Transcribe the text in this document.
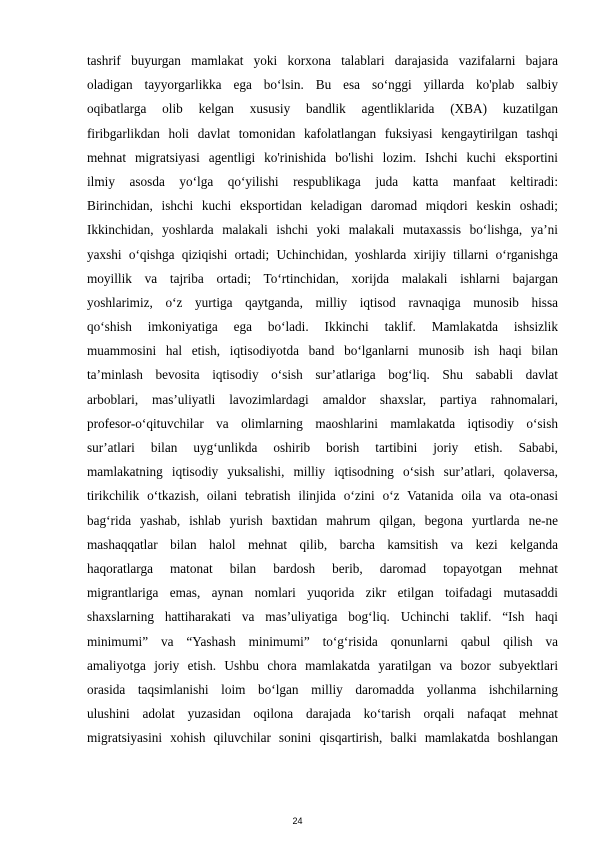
tashrif buyurgan mamlakat yoki korxona talablari darajasida vazifalarni bajara
oladigan tayyorgarlikka ega boʻlsin. Bu esa soʻnggi yillarda ko'plab salbiy
oqibatlarga olib kelgan xususiy bandlik agentliklarida (XBA) kuzatilgan
firibgarlikdan holi davlat tomonidan kafolatlangan fuksiyasi kengaytirilgan tashqi
mehnat migratsiyasi agentligi ko'rinishida bo'lishi lozim. Ishchi kuchi eksportini
ilmiy asosda yoʻlga qoʻyilishi respublikaga juda katta manfaat keltiradi:
Birinchidan, ishchi kuchi eksportidan keladigan daromad miqdori keskin oshadi;
Ikkinchidan, yoshlarda malakali ishchi yoki malakali mutaxassis boʻlishga, yaʼni
yaxshi oʻqishga qiziqishi ortadi; Uchinchidan, yoshlarda xirijiy tillarni oʻrganishga
moyillik va tajriba ortadi; Toʻrtinchidan, xorijda malakali ishlarni bajargan
yoshlarimiz, oʻz yurtiga qaytganda, milliy iqtisod ravnaqiga munosib hissa
qoʻshish imkoniyatiga ega boʻladi. Ikkinchi taklif. Mamlakatda ishsizlik
muammosini hal etish, iqtisodiyotda band boʻlganlarni munosib ish haqi bilan
taʼminlash bevosita iqtisodiy oʻsish surʼatlariga bogʻliq. Shu sababli davlat
arboblari, masʼuliyatli lavozimlardagi amaldor shaxslar, partiya rahnomalari,
profesor-oʻqituvchilar va olimlarning maoshlarini mamlakatda iqtisodiy oʻsish
surʼatlari bilan uygʻunlikda oshirib borish tartibini joriy etish. Sababi,
mamlakatning iqtisodiy yuksalishi, milliy iqtisodning oʻsish surʼatlari, qolaversa,
tirikchilik oʻtkazish, oilani tebratish ilinjida oʻzini oʻz Vatanida oila va ota-onasi
bagʻrida yashab, ishlab yurish baxtidan mahrum qilgan, begona yurtlarda ne-ne
mashaqqatlar bilan halol mehnat qilib, barcha kamsitish va kezi kelganda
haqoratlarga matonat bilan bardosh berib, daromad topayotgan mehnat
migrantlariga emas, aynan nomlari yuqorida zikr etilgan toifadagi mutasaddi
shaxslarning hattiharakati va masʼuliyatiga bogʻliq. Uchinchi taklif. “Ish haqi
minimumi” va “Yashash minimumi” toʻgʻrisida qonunlarni qabul qilish va
amaliyotga joriy etish. Ushbu chora mamlakatda yaratilgan va bozor subyektlari
orasida taqsimlanishi loim boʻlgan milliy daromadda yollanma ishchilarning
ulushini adolat yuzasidan oqilona darajada koʻtarish orqali nafaqat mehnat
migratsiyasini xohish qiluvchilar sonini qisqartirish, balki mamlakatda boshlangan
24
